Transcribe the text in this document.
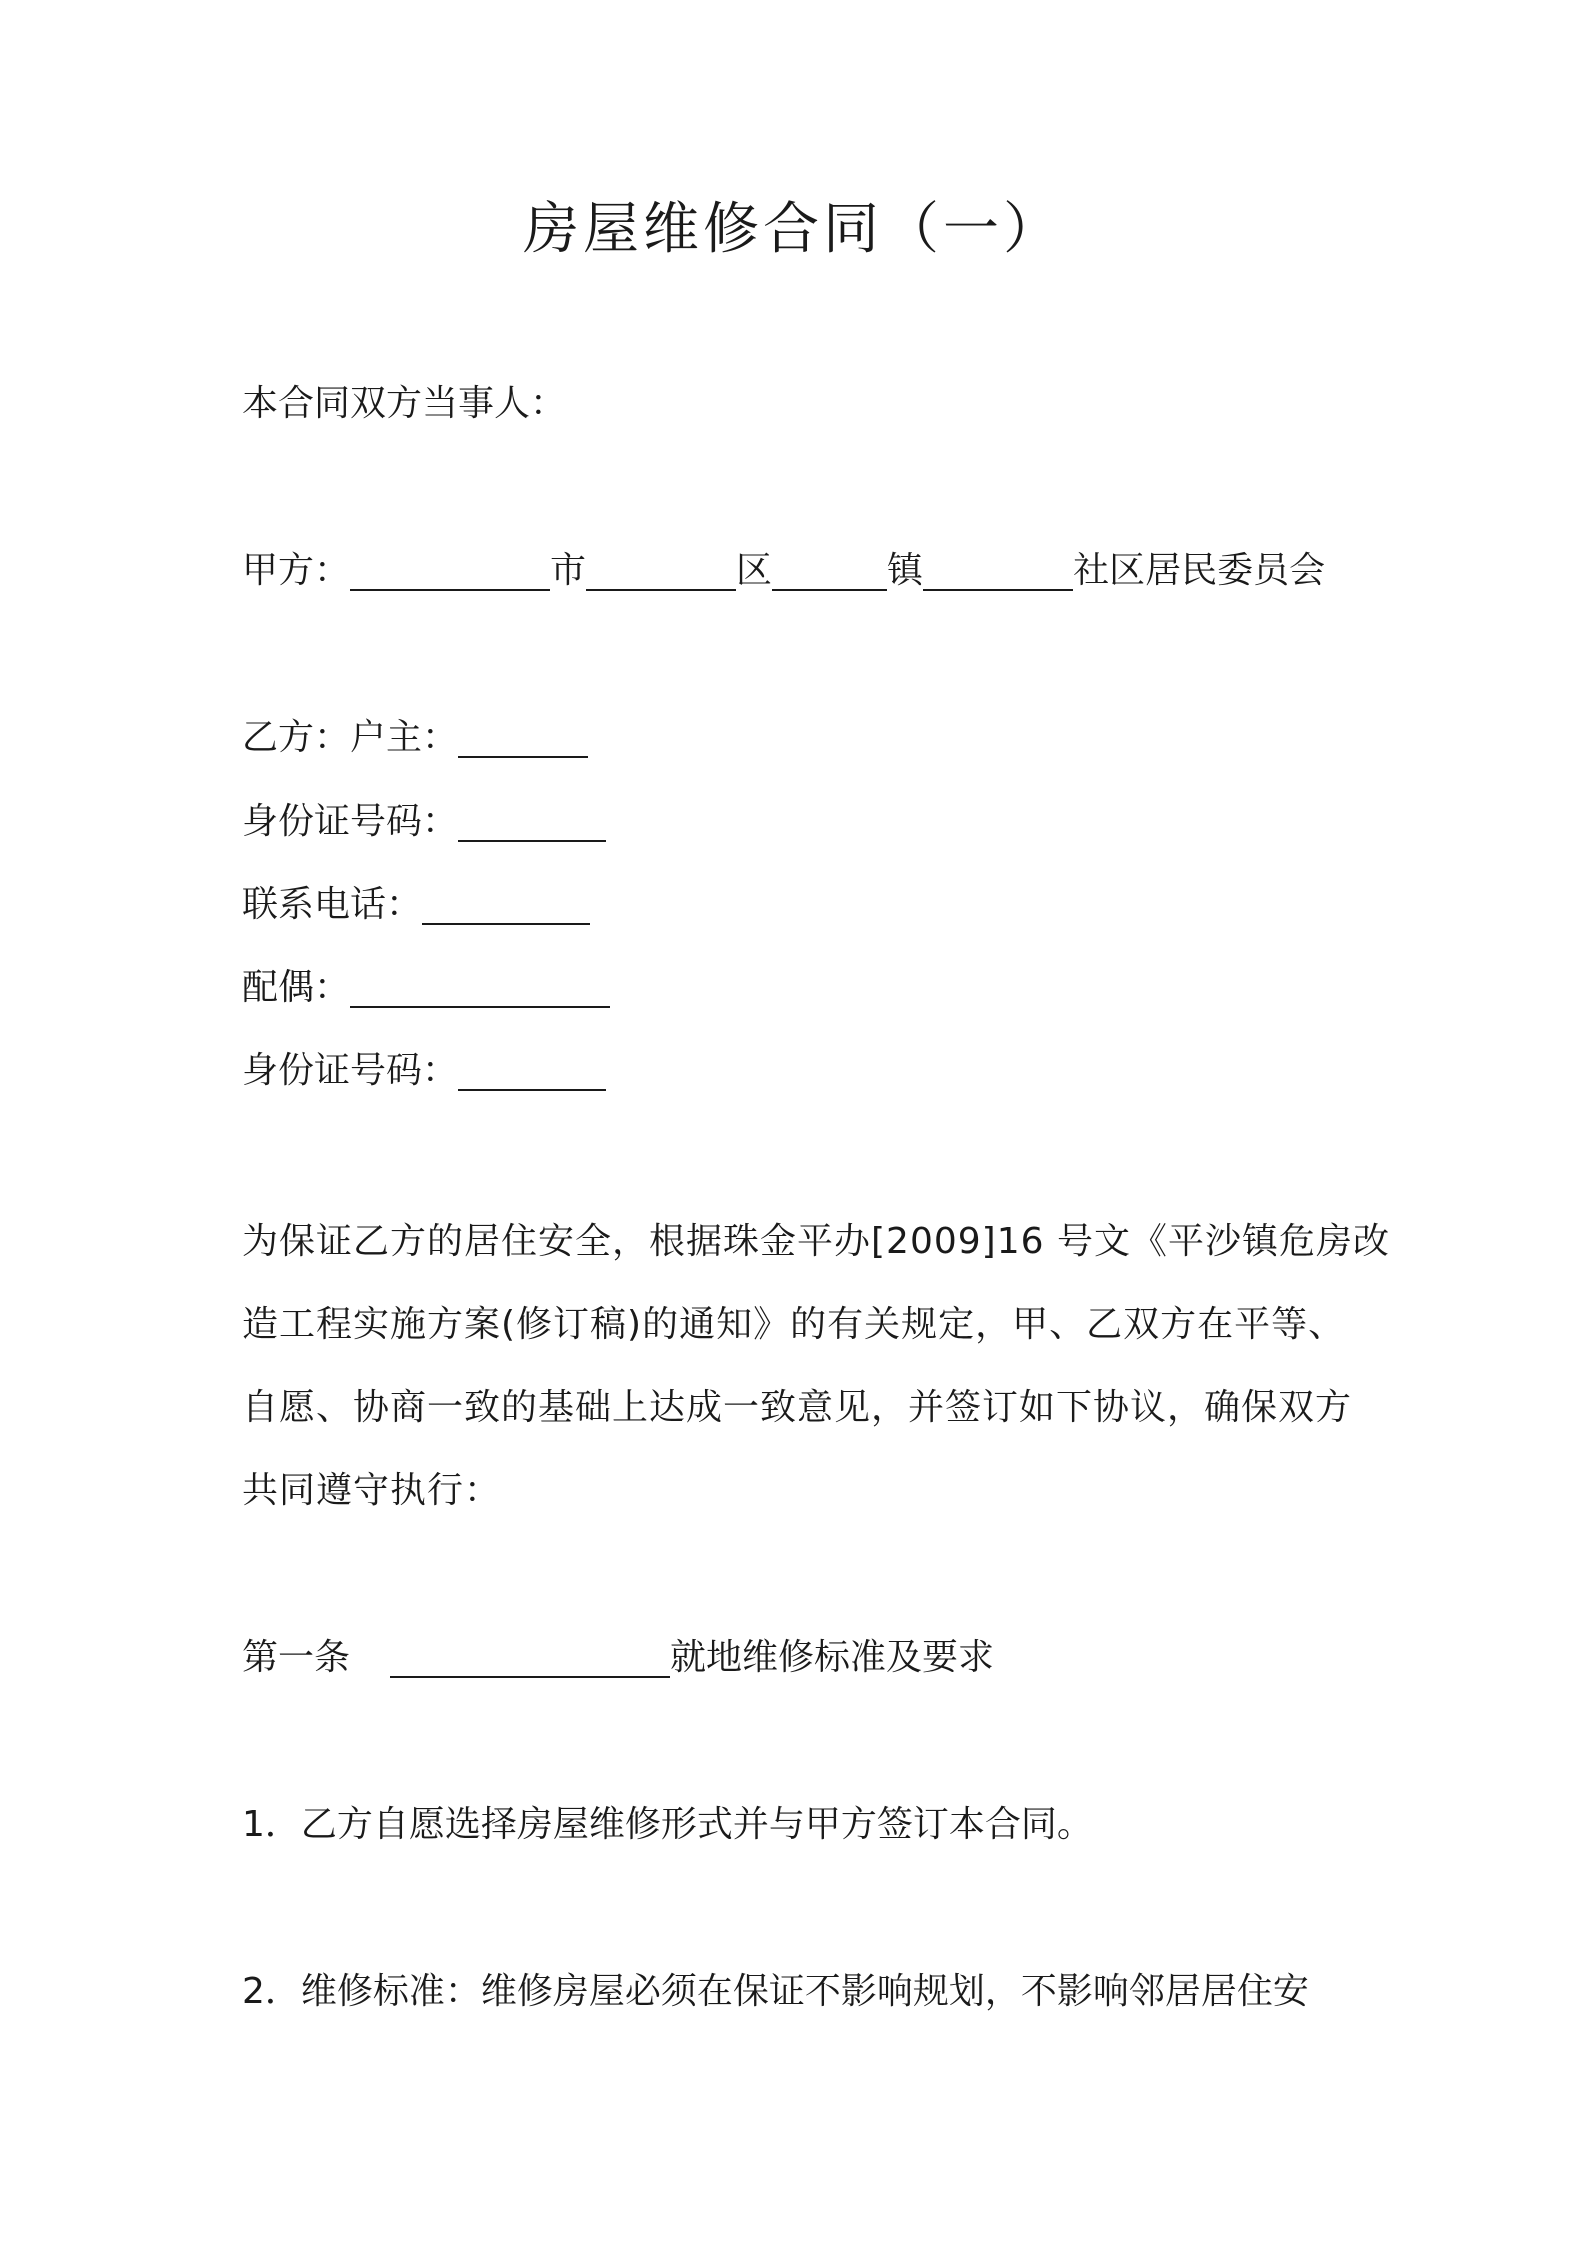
房屋维修合同（一）
本合同双方当事人：
甲方：	市	区	镇	社区居民委员会
乙方：户主：
身份证号码：
联系电话：
配偶：
身份证号码：

为保证乙方的居住安全，根据珠金平办[2009]16 号文《平沙镇危房改
造工程实施方案(修订稿)的通知》的有关规定，甲、乙双方在平等、
自愿、协商一致的基础上达成一致意见，并签订如下协议，确保双方
共同遵守执行：

第一条	就地维修标准及要求
1．乙方自愿选择房屋维修形式并与甲方签订本合同。
2．维修标准：维修房屋必须在保证不影响规划，不影响邻居居住安
